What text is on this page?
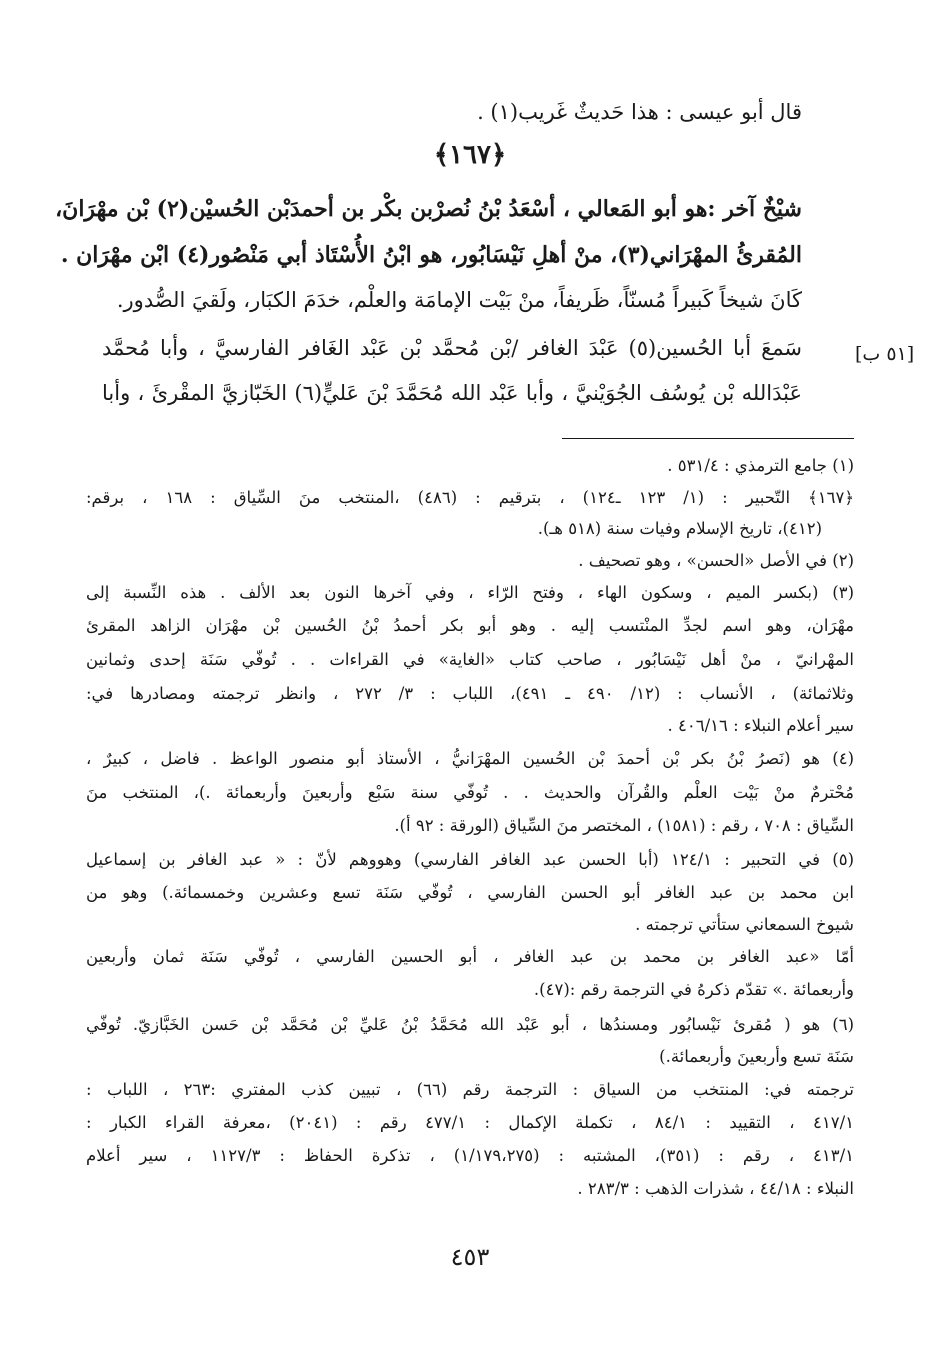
قال أبو عيسى : هذا حَديثٌ غَريب(١) .
﴿١٦٧﴾
شيْخٌ آخر :هو أبو المَعالي ، أسْعَدُ بْنُ نُصرْبن بكْر بن أحمدَبْن الحُسيْن(٢) بْن مهْرَانَ،
المُقرئُ المهْرَاني(٣)، منْ أهلِ نَيْسَابُور، هو ابْنُ الأُسْتَاذ أبي مَنْصُور(٤) ابْن مهْرَان .
كَانَ شيخاً كَبيراً مُسنّاً، ظَريفاً، منْ بَيْت الإمامَة والعلْم، خدَمَ الكبَار، ولَقيَ الصُّدور.
سَمعَ أبا الحُسين(٥) عَبْدَ الغافر /بْن مُحمَّد بْن عَبْد الغَافر الفارسيَّ ، وأبا مُحمَّد
عَبْدَالله بْن يُوسُف الجُوَيْنيَّ ، وأبا عَبْد الله مُحَمَّدَ بْنَ عَليٍّ(٦) الخَبّازيَّ المقْرئَ ، وأبا
[٥١ ب]
(١) جامع الترمذي : ٥٣١/٤ .
﴿١٦٧﴾ التّحبير : (١/ ١٢٣ ـ١٢٤) ، بترقيم : (٤٨٦) ،المنتخب منَ السِّياق : ١٦٨ ، برقم:
(٤١٢)، تاريخ الإسلام وفيات سنة (٥١٨ هـ).
(٢) في الأصل «الحسن» ، وهو تصحيف .
(٣) (بكسر الميم ، وسكون الهاء ، وفتح الرّاء ، وفي آخرها النون بعد الألف . هذه النِّسبة إلى
مهْرَان، وهو اسم لجدِّ المنْتسب إليه . وهو أبو بكر أحمدُ بْنُ الحُسين بْن مهْرَان الزاهد المقرئ
المهْرانيّ ، منْ أهل نَيْسَابُور ، صاحب كتاب «الغاية» في القراءات . . تُوفّي سَنَة إحدى وثمانين
وثلاثمائة) ، الأنساب : (١٢/ ٤٩٠ ـ ٤٩١)، اللباب : ٣/ ٢٧٢ ، وانظر ترجمته ومصادرها في:
سير أعلام النبلاء : ٤٠٦/١٦ .
(٤) هو (نَصرُ بْنُ بكر بْن أحمدَ بْن الحُسين المهْرَانيُّ ، الأستاذ أبو منصور الواعظ . فاضل ، كبيرٌ ،
مُحْترمٌ منْ بَيْت العلْم والقُرآن والحديث . . تُوفّي سنة سَبْع وأربعينَ وأربعمائة .)، المنتخب منَ
السِّياق : ٧٠٨ ، رقم : (١٥٨١) ، المختصر منَ السِّياق (الورقة : ٩٢ أ).
(٥) في التحبير : ١٢٤/١ (أبا الحسن عبد الغافر الفارسي) وهووهم لأنّ : « عبد الغافر بن إسماعيل
ابن محمد بن عبد الغافر أبو الحسن الفارسي ، تُوفّي سَنَة تسع وعشرين وخمسمائة.) وهو من
شيوخ السمعاني ستأتي ترجمته .
أمّا «عبد الغافر بن محمد بن عبد الغافر ، أبو الحسين الفارسي ، تُوفّي سَنَة ثمان وأربعين
وأربعمائة .» تقدّم ذكرهُ في الترجمة رقم :(٤٧).
(٦) هو ( مُقرئ نَيْسابُور ومسندُها ، أبو عَبْد الله مُحَمَّدُ بْنُ عَليِّ بْن مُحَمَّد بْن حَسن الخَبَّازيّ. تُوفّي
سَنَة تسع وأربعينَ وأربعمائة.)
ترجمته في: المنتخب من السياق : الترجمة رقم (٦٦) ، تبيين كذب المفتري :٢٦٣ ، اللباب :
٤١٧/١ ، التقييد : ٨٤/١ ، تكملة الإكمال : ٤٧٧/١ رقم : (٢٠٤١) ،معرفة القراء الكبار :
٤١٣/١ ، رقم : (٣٥١)، المشتبه : (١/١٧٩،٢٧٥) ، تذكرة الحفاظ : ١١٢٧/٣ ، سير أعلام
النبلاء : ٤٤/١٨ ، شذرات الذهب : ٢٨٣/٣ .
٤٥٣
